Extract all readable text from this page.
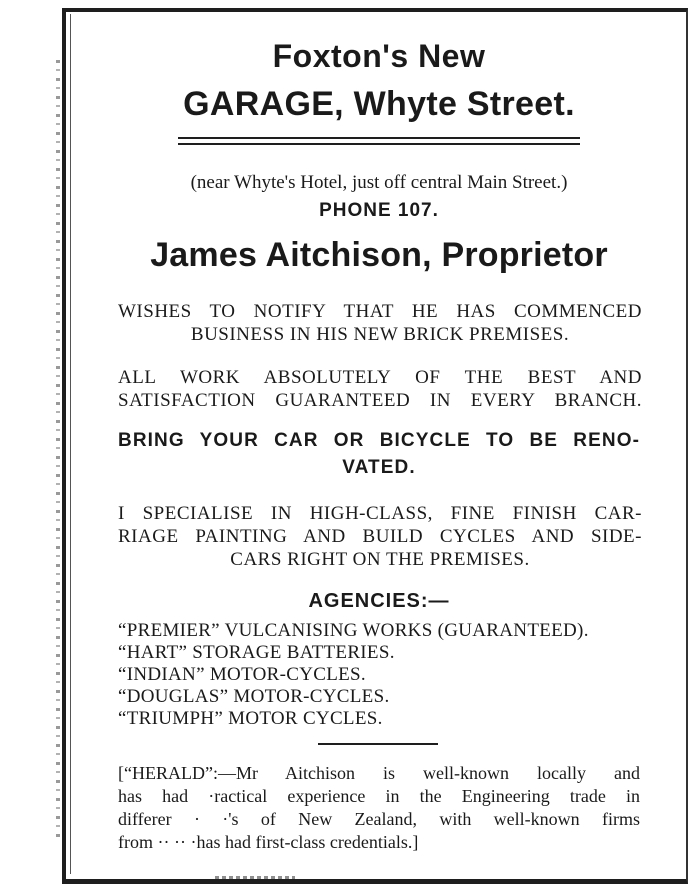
Foxton's New
GARAGE, Whyte Street.
(near Whyte's Hotel, just off central Main Street.)
PHONE 107.
James Aitchison, Proprietor

WISHES TO NOTIFY THAT HE HAS COMMENCED

BUSINESS IN HIS NEW BRICK PREMISES.

ALL WORK ABSOLUTELY OF THE BEST AND

SATISFACTION GUARANTEED IN EVERY BRANCH.

BRING YOUR CAR OR BICYCLE TO BE RENO-
VATED.

I SPECIALISE IN HIGH-CLASS, FINE FINISH CAR-

RIAGE PAINTING AND BUILD CYCLES AND SIDE-

CARS RIGHT ON THE PREMISES.

AGENCIES:—
“PREMIER” VULCANISING WORKS (GUARANTEED).
“HART” STORAGE BATTERIES.
“INDIAN” MOTOR-CYCLES.
“DOUGLAS” MOTOR-CYCLES.
“TRIUMPH” MOTOR CYCLES.
[“HERALD”:—Mr Aitchison is well-known locally and
has had ·ractical experience in the Engineering trade in
differer · ·'s of New Zealand, with well-known firms
from ·· ·· ·has had first-class credentials.]
